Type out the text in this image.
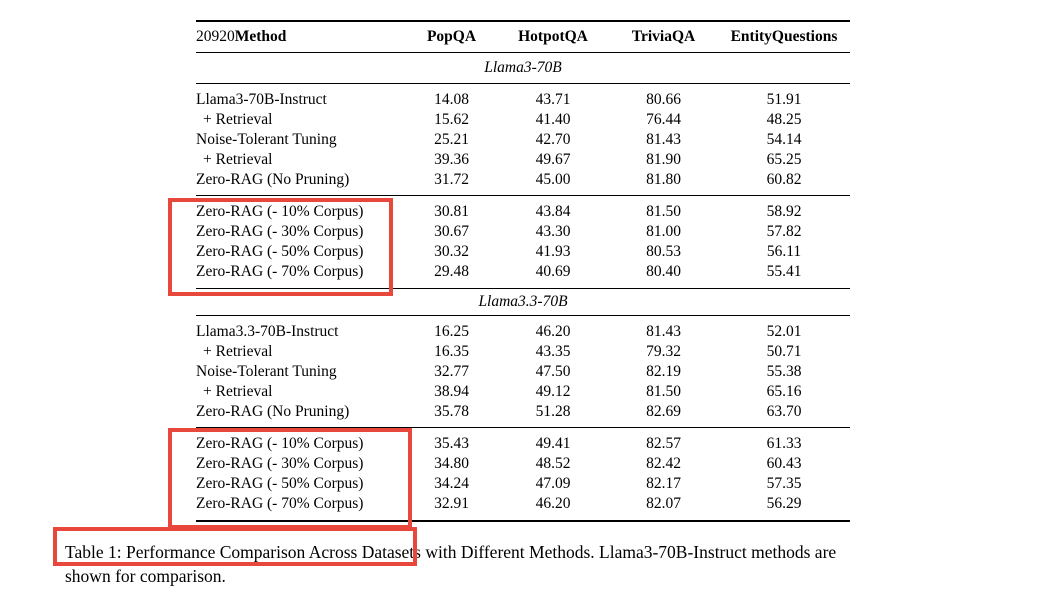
20920Method	PopQA	HotpotQA	TriviaQA	EntityQuestions
Llama3-70B
Llama3-70B-Instruct	14.08	43.71	80.66	51.91
+ Retrieval	15.62	41.40	76.44	48.25
Noise-Tolerant Tuning	25.21	42.70	81.43	54.14
+ Retrieval	39.36	49.67	81.90	65.25
Zero-RAG (No Pruning)	31.72	45.00	81.80	60.82
Zero-RAG (- 10% Corpus)	30.81	43.84	81.50	58.92
Zero-RAG (- 30% Corpus)	30.67	43.30	81.00	57.82
Zero-RAG (- 50% Corpus)	30.32	41.93	80.53	56.11
Zero-RAG (- 70% Corpus)	29.48	40.69	80.40	55.41
Llama3.3-70B
Llama3.3-70B-Instruct	16.25	46.20	81.43	52.01
+ Retrieval	16.35	43.35	79.32	50.71
Noise-Tolerant Tuning	32.77	47.50	82.19	55.38
+ Retrieval	38.94	49.12	81.50	65.16
Zero-RAG (No Pruning)	35.78	51.28	82.69	63.70
Zero-RAG (- 10% Corpus)	35.43	49.41	82.57	61.33
Zero-RAG (- 30% Corpus)	34.80	48.52	82.42	60.43
Zero-RAG (- 50% Corpus)	34.24	47.09	82.17	57.35
Zero-RAG (- 70% Corpus)	32.91	46.20	82.07	56.29
Table 1: Performance Comparison Across Datasets with Different Methods. Llama3-70B-Instruct methods are
shown for comparison.
